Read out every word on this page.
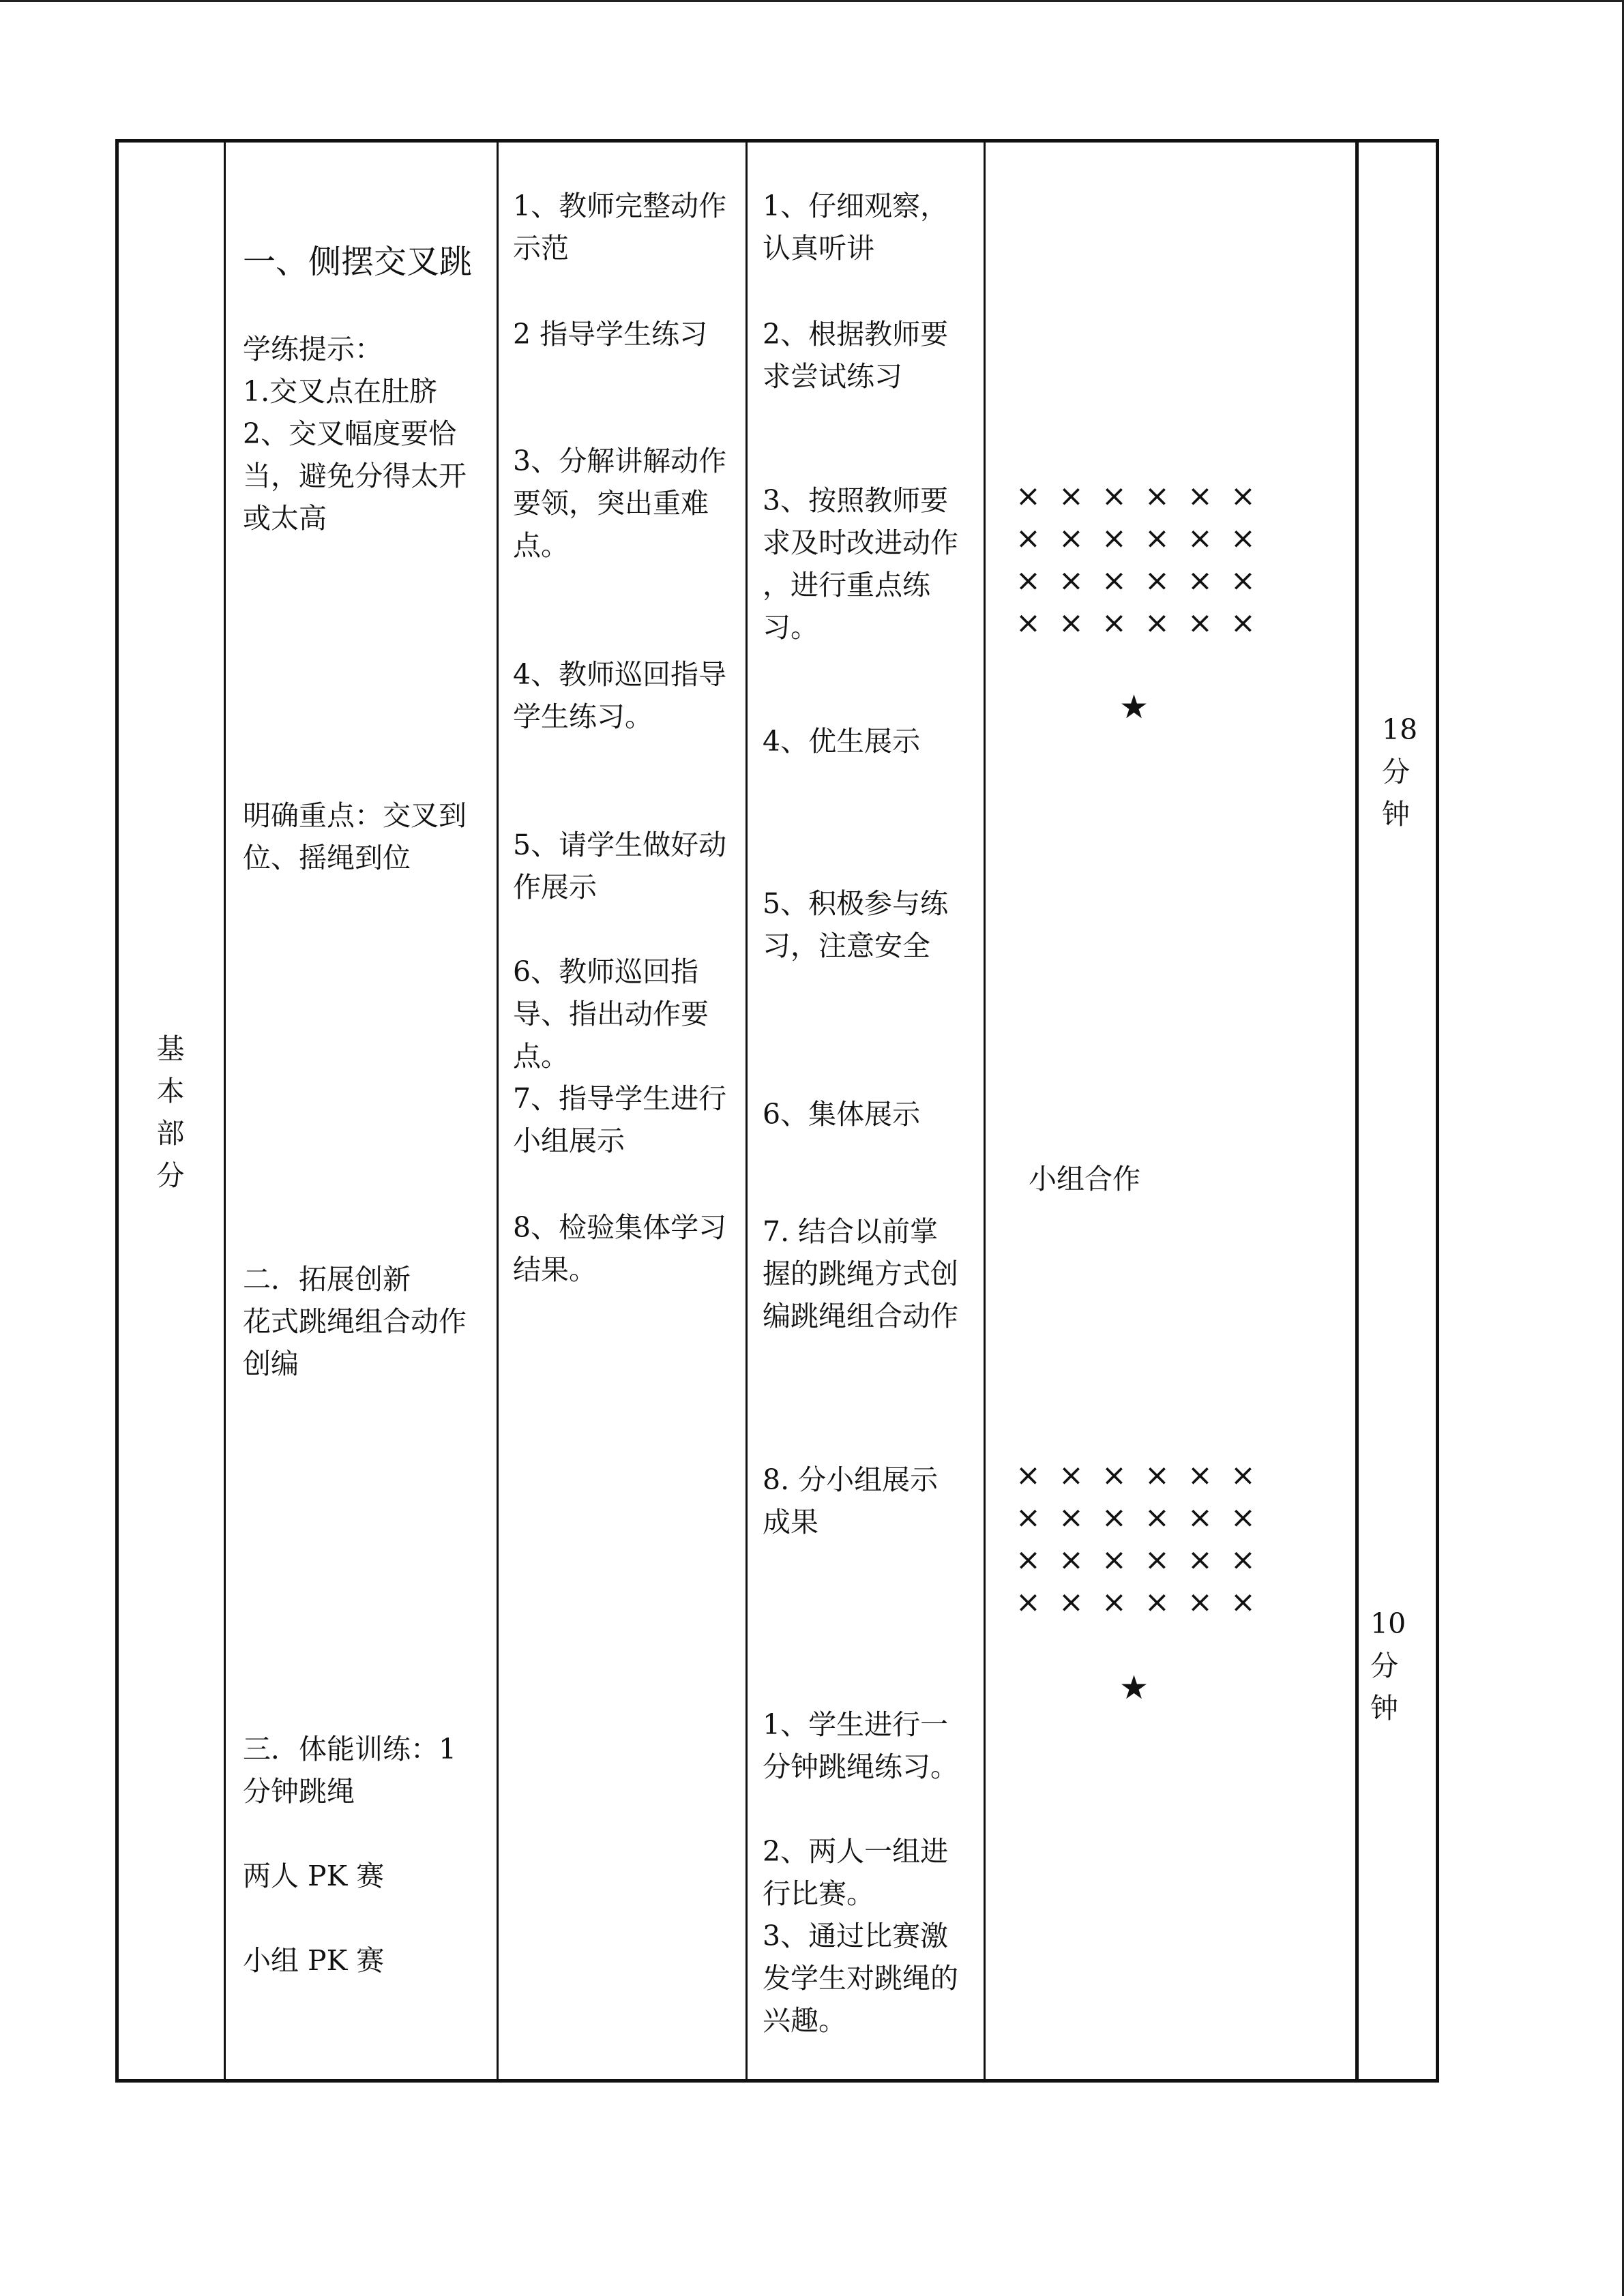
基
本
部
分
一、侧摆交叉跳
学练提示：
1.交叉点在肚脐
2、交叉幅度要恰
当，避免分得太开
或太高
明确重点：交叉到
位、摇绳到位
二．拓展创新
花式跳绳组合动作
创编
三．体能训练：1
分钟跳绳
两人 PK 赛
小组 PK 赛
1、教师完整动作
示范
2 指导学生练习
3、分解讲解动作
要领，突出重难
点。
4、教师巡回指导
学生练习。
5、请学生做好动
作展示
6、教师巡回指
导、指出动作要
点。
7、指导学生进行
小组展示
8、检验集体学习
结果。
1、仔细观察，
认真听讲
2、根据教师要
求尝试练习
3、按照教师要
求及时改进动作
，进行重点练
习。
4、优生展示
5、积极参与练
习，注意安全
6、集体展示
7. 结合以前掌
握的跳绳方式创
编跳绳组合动作
8. 分小组展示
成果
1、学生进行一
分钟跳绳练习。
2、两人一组进
行比赛。
3、通过比赛激
发学生对跳绳的
兴趣。
× × × × × ×
× × × × × ×
× × × × × ×
× × × × × ×
★
小组合作
× × × × × ×
× × × × × ×
× × × × × ×
× × × × × ×
★
18
分
钟
10
分
钟
